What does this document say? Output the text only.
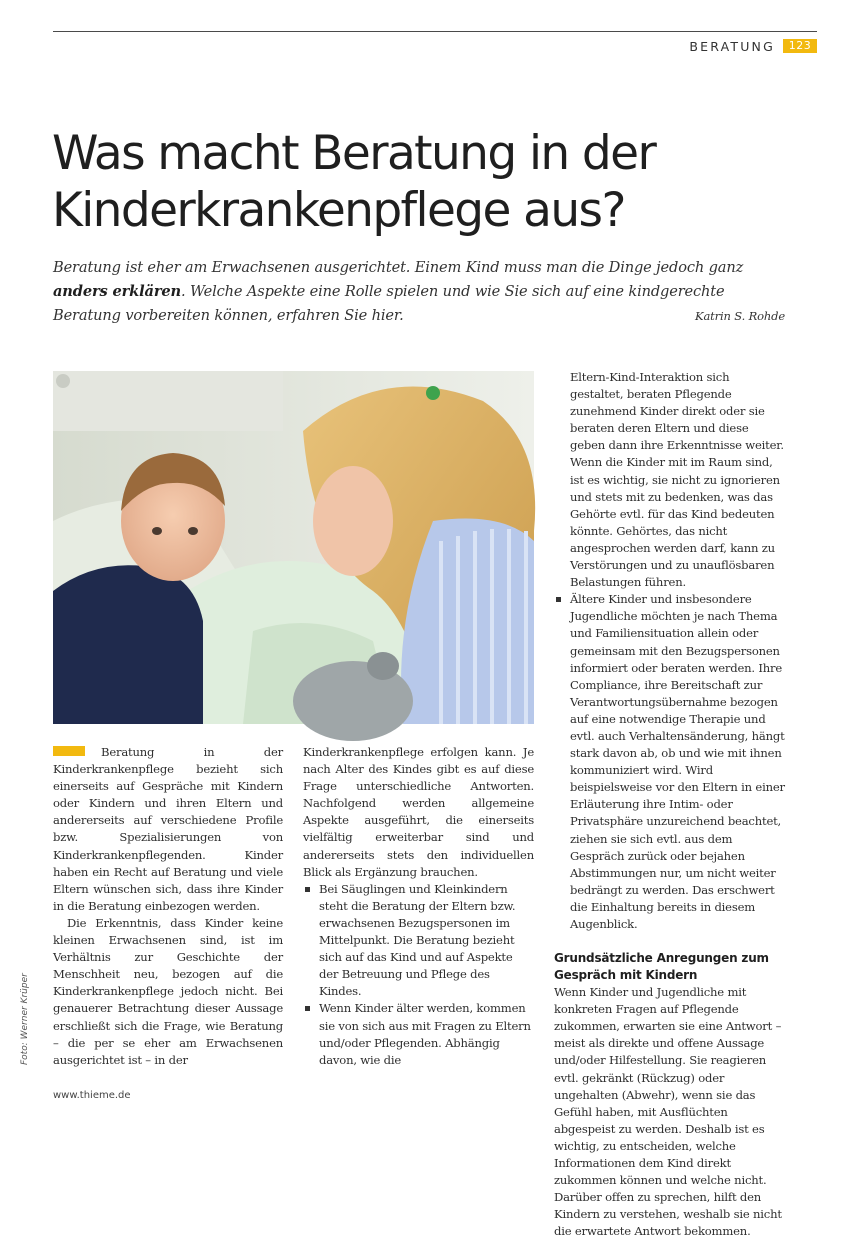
BERATUNG	123
Was macht Beratung in der Kinderkrankenpflege aus?
Beratung ist eher am Erwachsenen ausgerichtet. Einem Kind muss man die Dinge jedoch ganz anders erklären. Welche Aspekte eine Rolle spielen und wie Sie sich auf eine kindgerechte Beratung vorbereiten können, erfahren Sie hier.	Katrin S. Rohde
Foto: Werner Krüper

Beratung in der Kinderkrankenpflege bezieht sich einerseits auf Gespräche mit Kindern oder Kindern und ihren Eltern und andererseits auf verschiedene Profile bzw. Spezialisierungen von Kinderkrankenpflegenden. Kinder haben ein Recht auf Beratung und viele Eltern wünschen sich, dass ihre Kinder in die Beratung einbezogen werden.

Die Erkenntnis, dass Kinder keine kleinen Erwachsenen sind, ist im Verhältnis zur Geschichte der Menschheit neu, bezogen auf die Kinderkrankenpflege jedoch nicht. Bei genauerer Betrachtung dieser Aussage erschließt sich die Frage, wie Beratung – die per se eher am Erwachsenen ausgerichtet ist – in der

Kinderkrankenpflege erfolgen kann. Je nach Alter des Kindes gibt es auf diese Frage unterschiedliche Antworten. Nachfolgend werden allgemeine Aspekte ausgeführt, die einerseits vielfältig erweiterbar sind und andererseits stets den individuellen Blick als Ergänzung brauchen.

Bei Säuglingen und Kleinkindern steht die Beratung der Eltern bzw. erwachsenen Bezugspersonen im Mittelpunkt. Die Beratung bezieht sich auf das Kind und auf Aspekte der Betreuung und Pflege des Kindes.
Wenn Kinder älter werden, kommen sie von sich aus mit Fragen zu Eltern und/oder Pflegenden. Abhängig davon, wie die

Eltern-Kind-Interaktion sich gestaltet, beraten Pflegende zunehmend Kinder direkt oder sie beraten deren Eltern und diese geben dann ihre Erkenntnisse weiter. Wenn die Kinder mit im Raum sind, ist es wichtig, sie nicht zu ignorieren und stets mit zu bedenken, was das Gehörte evtl. für das Kind bedeuten könnte. Gehörtes, das nicht angesprochen werden darf, kann zu Verstörungen und zu unauflösbaren Belastungen führen.

Ältere Kinder und insbesondere Jugendliche möchten je nach Thema und Familiensituation allein oder gemeinsam mit den Bezugspersonen informiert oder beraten werden. Ihre Compliance, ihre Bereitschaft zur Verantwortungsübernahme bezogen auf eine notwendige Therapie und evtl. auch Verhaltensänderung, hängt stark davon ab, ob und wie mit ihnen kommuniziert wird. Wird beispielsweise vor den Eltern in einer Erläuterung ihre Intim- oder Privatsphäre unzureichend beachtet, ziehen sie sich evtl. aus dem Gespräch zurück oder bejahen Abstimmungen nur, um nicht weiter bedrängt zu werden. Das erschwert die Einhaltung bereits in diesem Augenblick.
Grundsätzliche Anregungen zum Gespräch mit Kindern

Wenn Kinder und Jugendliche mit konkreten Fragen auf Pflegende zukommen, erwarten sie eine Antwort – meist als direkte und offene Aussage und/oder Hilfestellung. Sie reagieren evtl. gekränkt (Rückzug) oder ungehalten (Abwehr), wenn sie das Gefühl haben, mit Ausflüchten abgespeist zu werden. Deshalb ist es wichtig, zu entscheiden, welche Informationen dem Kind direkt zukommen können und welche nicht. Darüber offen zu sprechen, hilft den Kindern zu verstehen, weshalb sie nicht die erwartete Antwort bekommen.

www.thieme.de
